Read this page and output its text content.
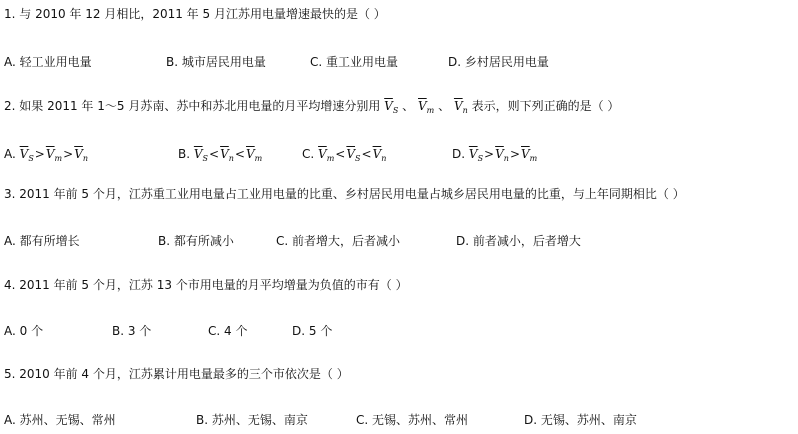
1. 与 2010 年 12 月相比，2011 年 5 月江苏用电量增速最快的是（ ）
A. 轻工业用电量	B. 城市居民用电量	C. 重工业用电量	D. 乡村居民用电量
2. 如果 2011 年 1～5 月苏南、苏中和苏北用电量的月平均增速分别用 $\overline{V}_S$ 、 $\overline{V}_m$ 、 $\overline{V}_n$ 表示，则下列正确的是（ ）
A. $\overline{V}_S>\overline{V}_m>\overline{V}_n$	B. $\overline{V}_S<\overline{V}_n<\overline{V}_m$	C. $\overline{V}_m<\overline{V}_S<\overline{V}_n$	D. $\overline{V}_S>\overline{V}_n>\overline{V}_m$
3. 2011 年前 5 个月，江苏重工业用电量占工业用电量的比重、乡村居民用电量占城乡居民用电量的比重，与上年同期相比（ ）
A. 都有所增长	B. 都有所减小	C. 前者增大，后者减小	D. 前者减小，后者增大
4. 2011 年前 5 个月，江苏 13 个市用电量的月平均增量为负值的市有（ ）
A. 0 个	B. 3 个	C. 4 个	D. 5 个
5. 2010 年前 4 个月，江苏累计用电量最多的三个市依次是（ ）
A. 苏州、无锡、常州	B. 苏州、无锡、南京	C. 无锡、苏州、常州	D. 无锡、苏州、南京
